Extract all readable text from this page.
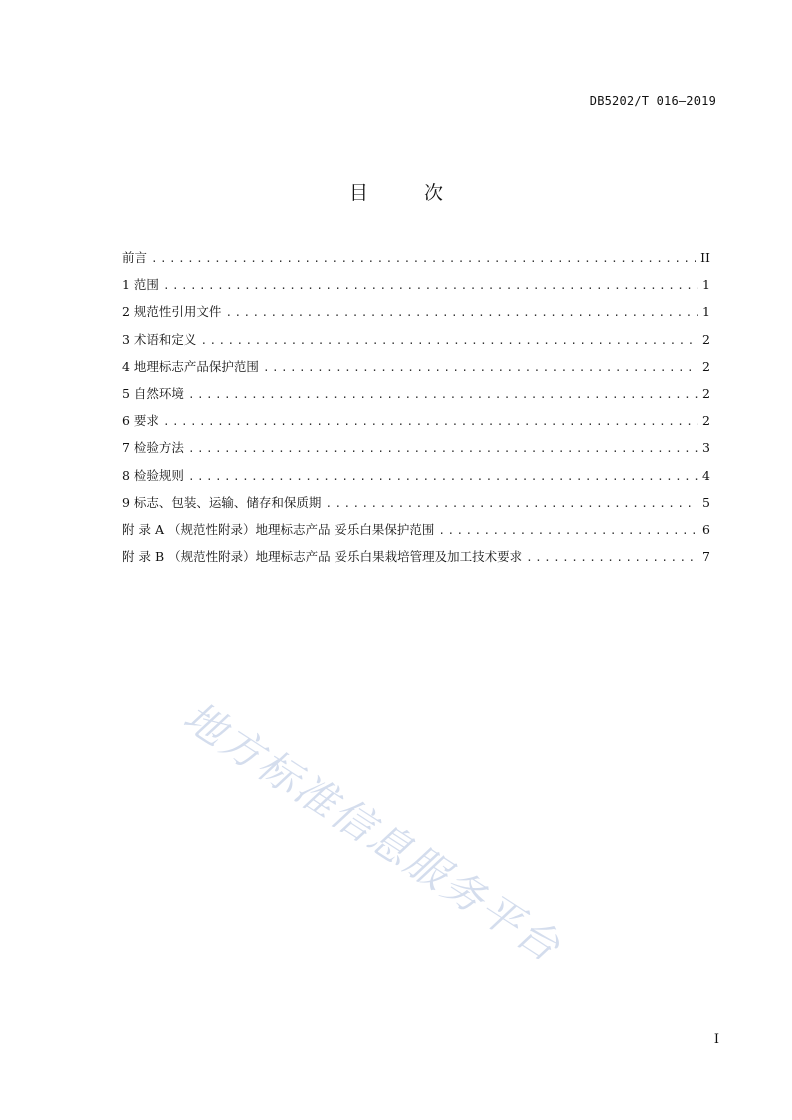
DB5202/T 016—2019
目	次
前言 .....	II
1 范围 .....	1
2 规范性引用文件 .....	1
3 术语和定义 .....	2
4 地理标志产品保护范围 .....	2
5 自然环境 .....	2
6 要求 .....	2
7 检验方法 .....	3
8 检验规则 .....	4
9 标志、包装、运输、储存和保质期 .....	5
附 录 A （规范性附录）地理标志产品 妥乐白果保护范围 .....	6
附 录 B （规范性附录）地理标志产品 妥乐白果栽培管理及加工技术要求 .....	7
地方标准信息服务平台
I
